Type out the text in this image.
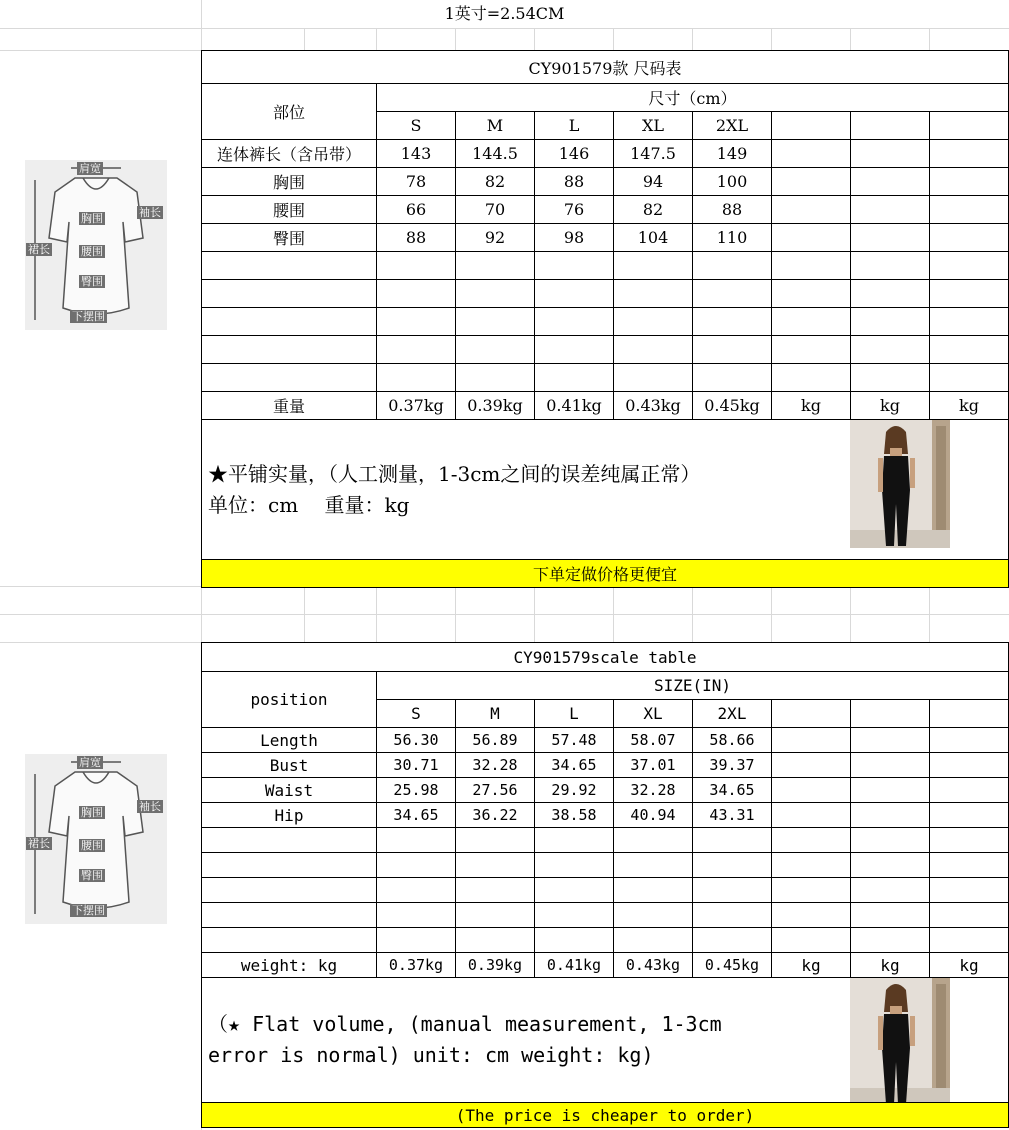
1英寸=2.54CM
肩宽
胸围	袖长
裙长	腰围
臀围
下摆围
CY901579款 尺码表								
部位	尺寸（cm）							
	S	M	L	XL	2XL			
连体裤长（含吊带）	143	144.5	146	147.5	149			
胸围	78	82	88	94	100			
腰围	66	70	76	82	88			
臀围	88	92	98	104	110			

重量	0.37kg	0.39kg	0.41kg	0.43kg	0.45kg	kg	kg	kg

★平铺实量，（人工测量，1-3cm之间的误差纯属正常）
单位：cm　 重量：kg								

下单定做价格更便宜								
肩宽
胸围	袖长
裙长	腰围
臀围
下摆围
CY901579scale table								
position	SIZE(IN)							
	S	M	L	XL	2XL			
Length	56.30	56.89	57.48	58.07	58.66			
Bust	30.71	32.28	34.65	37.01	39.37			
Waist	25.98	27.56	29.92	32.28	34.65			
Hip	34.65	36.22	38.58	40.94	43.31			

weight: kg	0.37kg	0.39kg	0.41kg	0.43kg	0.45kg	kg	kg	kg

（★ Flat volume, (manual measurement, 1-3cm
error is normal) unit: cm weight: kg)								

(The price is cheaper to order)								
